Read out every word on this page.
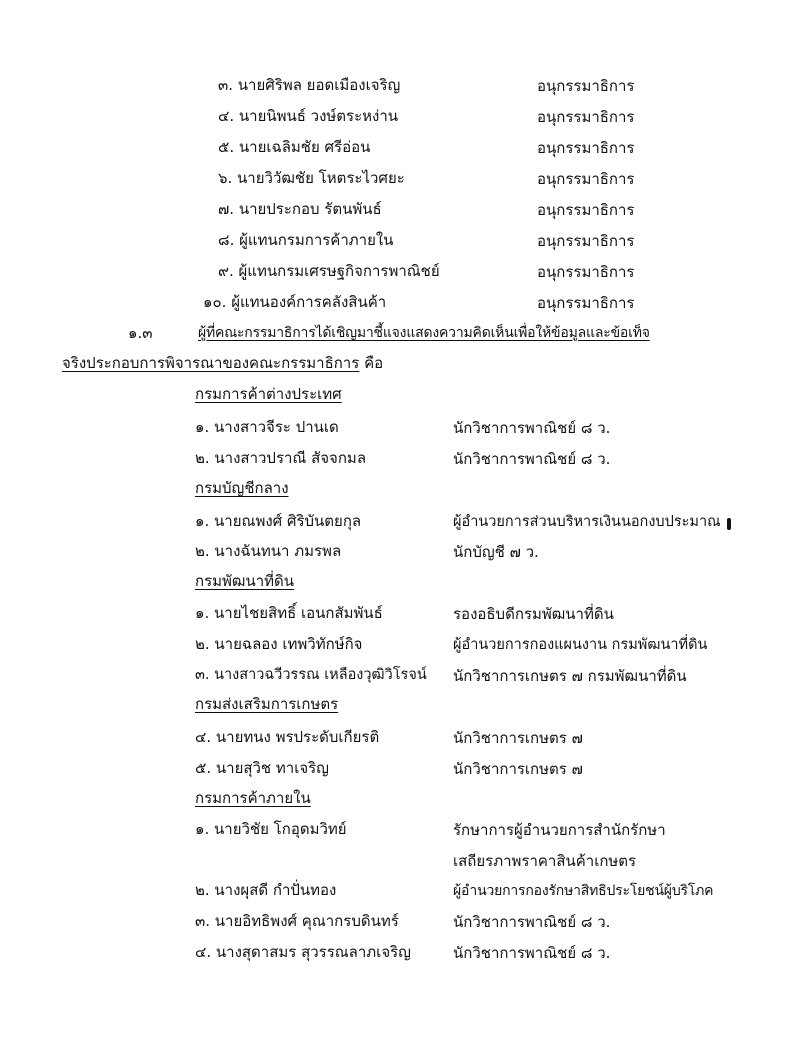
๓. นายศิริพล ยอดเมืองเจริญ	อนุกรรมาธิการ
๔. นายนิพนธ์ วงษ์ตระหง่าน	อนุกรรมาธิการ
๕. นายเฉลิมชัย ศรีอ่อน	อนุกรรมาธิการ
๖. นายวิวัฒชัย โหตระไวศยะ	อนุกรรมาธิการ
๗. นายประกอบ รัตนพันธ์	อนุกรรมาธิการ
๘. ผู้แทนกรมการค้าภายใน	อนุกรรมาธิการ
๙. ผู้แทนกรมเศรษฐกิจการพาณิชย์	อนุกรรมาธิการ
๑๐. ผู้แทนองค์การคลังสินค้า	อนุกรรมาธิการ
๑.๓	ผู้ที่คณะกรรมาธิการได้เชิญมาชี้แจงแสดงความคิดเห็นเพื่อให้ข้อมูลและข้อเท็จ
จริงประกอบการพิจารณาของคณะกรรมาธิการ คือ
กรมการค้าต่างประเทศ
๑. นางสาวจีระ ปานเด	นักวิชาการพาณิชย์ ๘ ว.
๒. นางสาวปราณี สัจจกมล	นักวิชาการพาณิชย์ ๘ ว.
กรมบัญชีกลาง
๑. นายณพงศ์ ศิริบันตยกุล	ผู้อำนวยการส่วนบริหารเงินนอกงบประมาณ
๒. นางฉันทนา ภมรพล	นักบัญชี ๗ ว.
กรมพัฒนาที่ดิน
๑. นายไชยสิทธิ์ เอนกสัมพันธ์	รองอธิบดีกรมพัฒนาที่ดิน
๒. นายฉลอง เทพวิทักษ์กิจ	ผู้อำนวยการกองแผนงาน กรมพัฒนาที่ดิน
๓. นางสาวฉวีวรรณ เหลืองวุฒิวิโรจน์ นักวิชาการเกษตร ๗ กรมพัฒนาที่ดิน
กรมส่งเสริมการเกษตร
๔. นายทนง พรประดับเกียรติ	นักวิชาการเกษตร ๗
๕. นายสุวิช ทาเจริญ	นักวิชาการเกษตร ๗
กรมการค้าภายใน
๑. นายวิชัย โกอุดมวิทย์	รักษาการผู้อำนวยการสำนักรักษา
เสถียรภาพราคาสินค้าเกษตร
๒. นางผุสดี กำปั่นทอง	ผู้อำนวยการกองรักษาสิทธิประโยชน์ผู้บริโภค
๓. นายอิทธิพงศ์ คุณากรบดินทร์	นักวิชาการพาณิชย์ ๘ ว.
๔. นางสุดาสมร สุวรรณลาภเจริญ	นักวิชาการพาณิชย์ ๘ ว.
